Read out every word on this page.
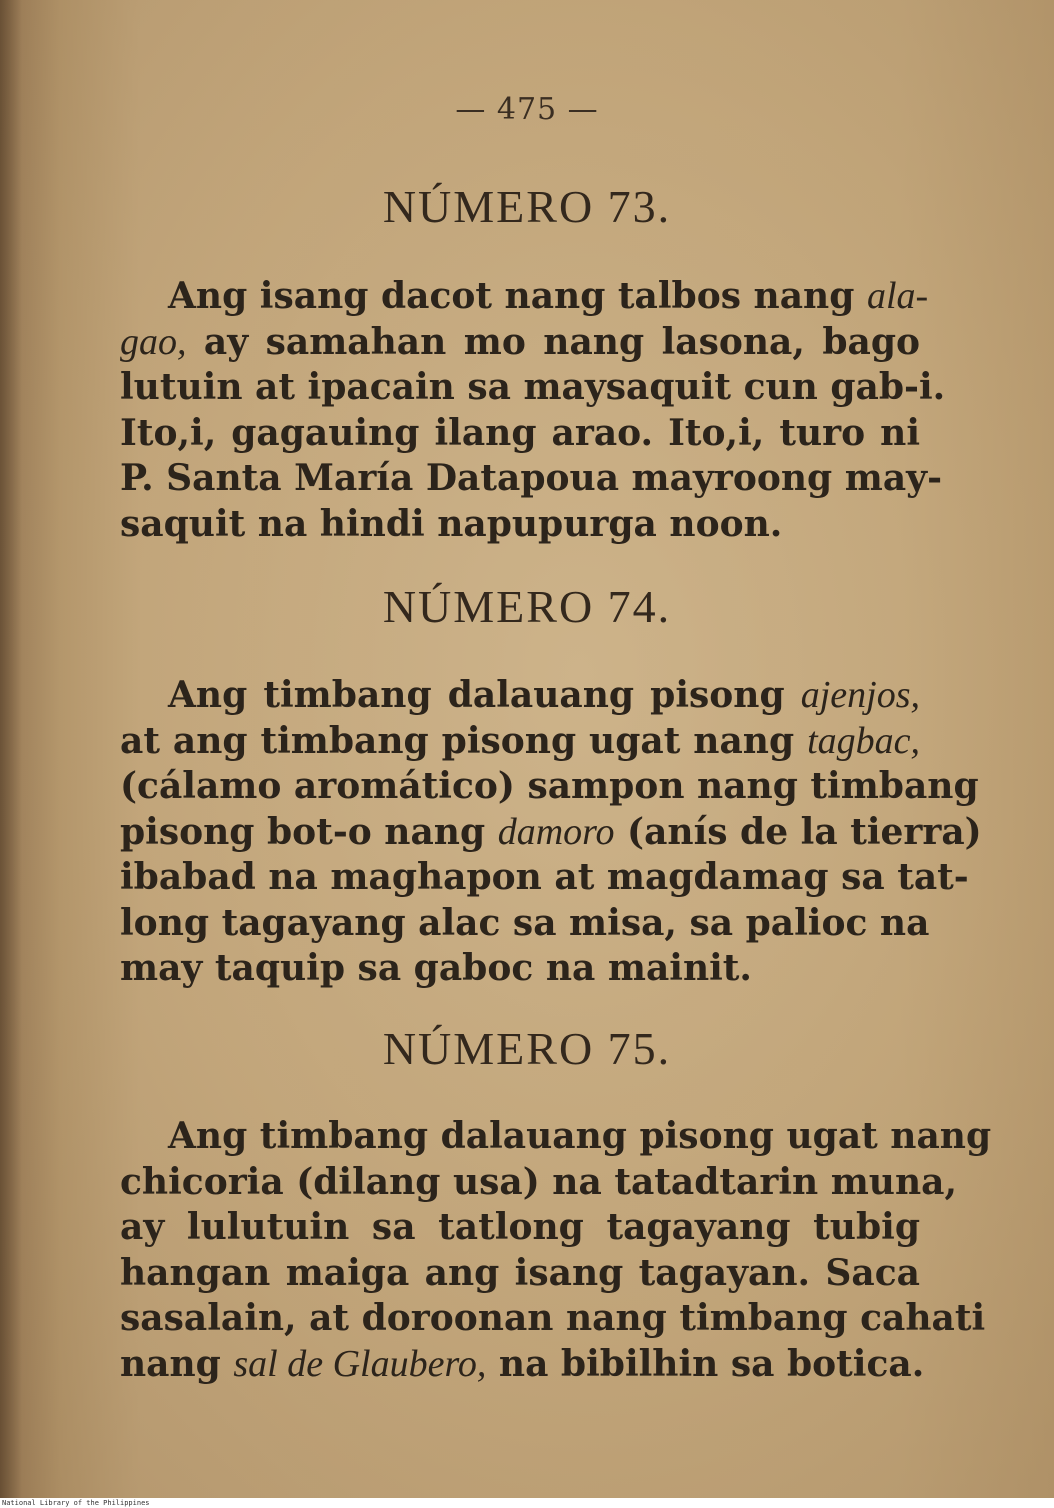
— 475 —
NÚMERO 73.
Ang isang dacot nang talbos nang ala-
gao, ay samahan mo nang lasona, bago
lutuin at ipacain sa maysaquit cun gab-i.
Ito,i, gagauing ilang arao. Ito,i, turo ni
P. Santa María Datapoua mayroong may-
saquit na hindi napupurga noon.
NÚMERO 74.
Ang timbang dalauang pisong ajenjos,
at ang timbang pisong ugat nang tagbac,
(cálamo aromático) sampon nang timbang
pisong bot-o nang damoro (anís de la tierra)
ibabad na maghapon at magdamag sa tat-
long tagayang alac sa misa, sa palioc na
may taquip sa gaboc na mainit.
NÚMERO 75.
Ang timbang dalauang pisong ugat nang
chicoria (dilang usa) na tatadtarin muna,
ay lulutuin sa tatlong tagayang tubig
hangan maiga ang isang tagayan. Saca
sasalain, at doroonan nang timbang cahati
nang sal de Glaubero, na bibilhin sa botica.
National Library of the Philippines
